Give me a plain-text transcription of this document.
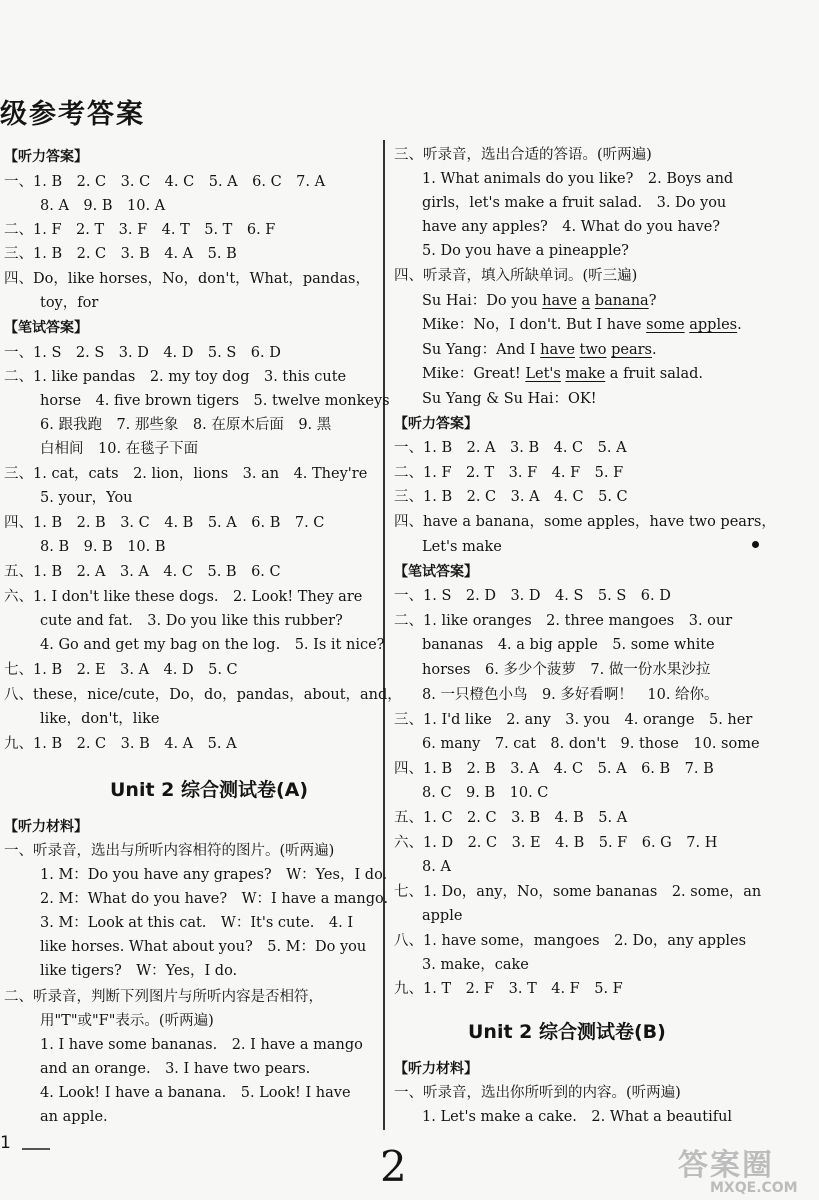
级参考答案
【听力答案】
一、1. B　2. C　3. C　4. C　5. A　6. C　7. A
8. A　9. B　10. A
二、1. F　2. T　3. F　4. T　5. T　6. F
三、1. B　2. C　3. B　4. A　5. B
四、Do，like horses，No，don't，What，pandas，
toy，for
【笔试答案】
一、1. S　2. S　3. D　4. D　5. S　6. D
二、1. like pandas　2. my toy dog　3. this cute
horse　4. five brown tigers　5. twelve monkeys
6. 跟我跑　7. 那些象　8. 在原木后面　9. 黑
白相间　10. 在毯子下面
三、1. cat，cats　2. lion，lions　3. an　4. They're
5. your，You
四、1. B　2. B　3. C　4. B　5. A　6. B　7. C
8. B　9. B　10. B
五、1. B　2. A　3. A　4. C　5. B　6. C
六、1. I don't like these dogs.　2. Look! They are
cute and fat.　3. Do you like this rubber?
4. Go and get my bag on the log.　5. Is it nice?
七、1. B　2. E　3. A　4. D　5. C
八、these，nice/cute，Do，do，pandas，about，and，
like，don't，like
九、1. B　2. C　3. B　4. A　5. A
Unit 2 综合测试卷(A)
【听力材料】
一、听录音，选出与所听内容相符的图片。(听两遍)
1. M：Do you have any grapes?　W：Yes，I do.
2. M：What do you have?　W：I have a mango.
3. M：Look at this cat.　W：It's cute.　4. I
like horses. What about you?　5. M：Do you
like tigers?　W：Yes，I do.
二、听录音，判断下列图片与所听内容是否相符，
用"T"或"F"表示。(听两遍)
1. I have some bananas.　2. I have a mango
and an orange.　3. I have two pears.
4. Look! I have a banana.　5. Look! I have
an apple.
三、听录音，选出合适的答语。(听两遍)
1. What animals do you like?　2. Boys and
girls，let's make a fruit salad.　3. Do you
have any apples?　4. What do you have?
5. Do you have a pineapple?
四、听录音，填入所缺单词。(听三遍)
Su Hai：Do you have a banana?
Mike：No，I don't. But I have some apples.
Su Yang：And I have two pears.
Mike：Great! Let's make a fruit salad.
Su Yang & Su Hai：OK!
【听力答案】
一、1. B　2. A　3. B　4. C　5. A
二、1. F　2. T　3. F　4. F　5. F
三、1. B　2. C　3. A　4. C　5. C
四、have a banana，some apples，have two pears，
Let's make
【笔试答案】
一、1. S　2. D　3. D　4. S　5. S　6. D
二、1. like oranges　2. three mangoes　3. our
bananas　4. a big apple　5. some white
horses　6. 多少个菠萝　7. 做一份水果沙拉
8. 一只橙色小鸟　9. 多好看啊！　10. 给你。
三、1. I'd like　2. any　3. you　4. orange　5. her
6. many　7. cat　8. don't　9. those　10. some
四、1. B　2. B　3. A　4. C　5. A　6. B　7. B
8. C　9. B　10. C
五、1. C　2. C　3. B　4. B　5. A
六、1. D　2. C　3. E　4. B　5. F　6. G　7. H
8. A
七、1. Do，any，No，some bananas　2. some，an
apple
八、1. have some，mangoes　2. Do，any apples
3. make，cake
九、1. T　2. F　3. T　4. F　5. F
Unit 2 综合测试卷(B)
【听力材料】
一、听录音，选出你所听到的内容。(听两遍)
1. Let's make a cake.　2. What a beautiful
1	2	答案圈
MXQE.COM
